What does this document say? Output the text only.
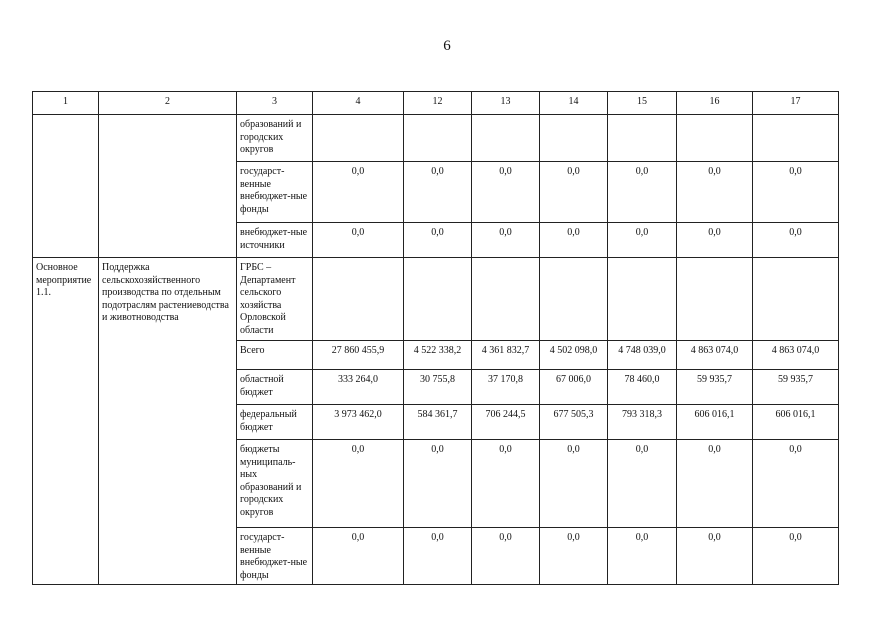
6
1	2	3	4	12	13	14	15	16	17
		образований и городских округов							
		государст-венные внебюджет-ные фонды	0,0	0,0	0,0	0,0	0,0	0,0	0,0
		внебюджет-ные источники	0,0	0,0	0,0	0,0	0,0	0,0	0,0
Основное мероприятие 1.1.	Поддержка сельскохозяйственного производства по отдельным подотраслям растениеводства и животноводства	ГРБС – Департамент сельского хозяйства Орловской области							
		Всего	27 860 455,9	4 522 338,2	4 361 832,7	4 502 098,0	4 748 039,0	4 863 074,0	4 863 074,0
		областной бюджет	333 264,0	30 755,8	37 170,8	67 006,0	78 460,0	59 935,7	59 935,7
		федеральный бюджет	3 973 462,0	584 361,7	706 244,5	677 505,3	793 318,3	606 016,1	606 016,1
		бюджеты муниципаль-ных образований и городских округов	0,0	0,0	0,0	0,0	0,0	0,0	0,0
		государст-венные внебюджет-ные фонды	0,0	0,0	0,0	0,0	0,0	0,0	0,0
